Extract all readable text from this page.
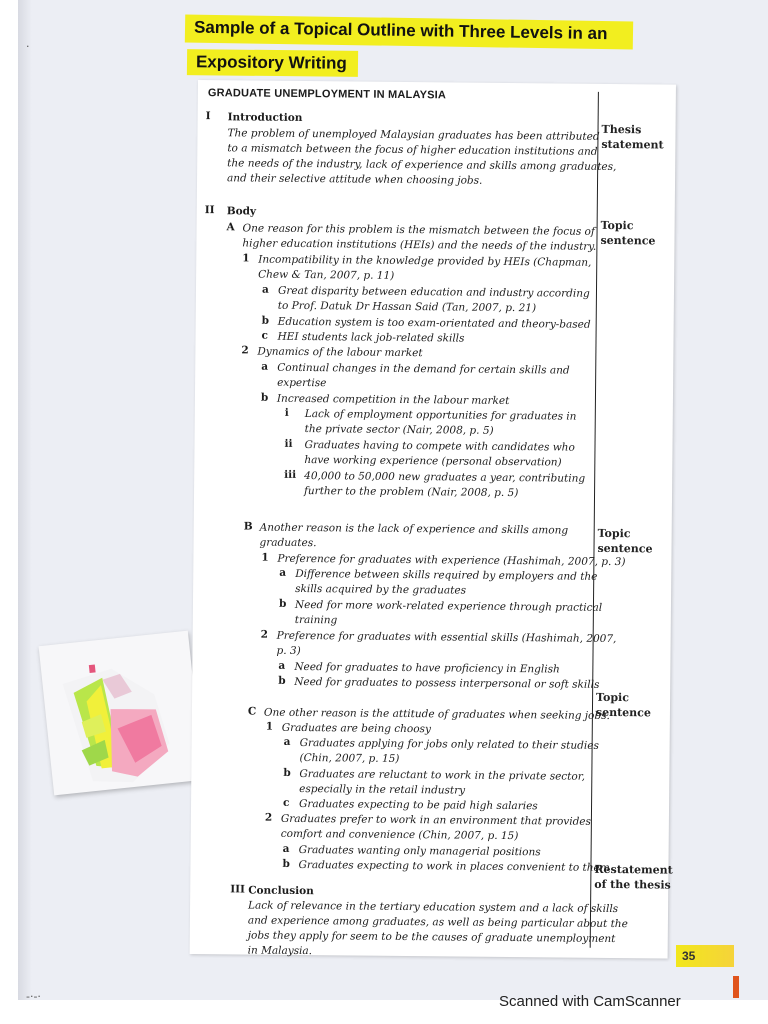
·
-·-·
Sample of a Topical Outline with Three Levels in an
Expository Writing
GRADUATE UNEMPLOYMENT IN MALAYSIA
Thesis
statement
Topic
sentence
Topic
sentence
Topic
sentence
Restatement
of the thesis
I Introduction
The problem of unemployed Malaysian graduates has been attributed
to a mismatch between the focus of higher education institutions and
the needs of the industry, lack of experience and skills among graduates,
and their selective attitude when choosing jobs.
II Body
A One reason for this problem is the mismatch between the focus of
higher education institutions (HEIs) and the needs of the industry.
1 Incompatibility in the knowledge provided by HEIs (Chapman,
Chew & Tan, 2007, p. 11)
a Great disparity between education and industry according
to Prof. Datuk Dr Hassan Said (Tan, 2007, p. 21)
b Education system is too exam-orientated and theory-based
c HEI students lack job-related skills
2 Dynamics of the labour market
a Continual changes in the demand for certain skills and
expertise
b Increased competition in the labour market
i Lack of employment opportunities for graduates in
the private sector (Nair, 2008, p. 5)
ii Graduates having to compete with candidates who
have working experience (personal observation)
iii 40,000 to 50,000 new graduates a year, contributing
further to the problem (Nair, 2008, p. 5)
B Another reason is the lack of experience and skills among
graduates.
1 Preference for graduates with experience (Hashimah, 2007, p. 3)
a Difference between skills required by employers and the
skills acquired by the graduates
b Need for more work-related experience through practical
training
2 Preference for graduates with essential skills (Hashimah, 2007,
p. 3)
a Need for graduates to have proficiency in English
b Need for graduates to possess interpersonal or soft skills
C One other reason is the attitude of graduates when seeking jobs.
1 Graduates are being choosy
a Graduates applying for jobs only related to their studies
(Chin, 2007, p. 15)
b Graduates are reluctant to work in the private sector,
especially in the retail industry
c Graduates expecting to be paid high salaries
2 Graduates prefer to work in an environment that provides
comfort and convenience (Chin, 2007, p. 15)
a Graduates wanting only managerial positions
b Graduates expecting to work in places convenient to them
III Conclusion
Lack of relevance in the tertiary education system and a lack of skills
and experience among graduates, as well as being particular about the
jobs they apply for seem to be the causes of graduate unemployment
in Malaysia.	35
Scanned with CamScanner
